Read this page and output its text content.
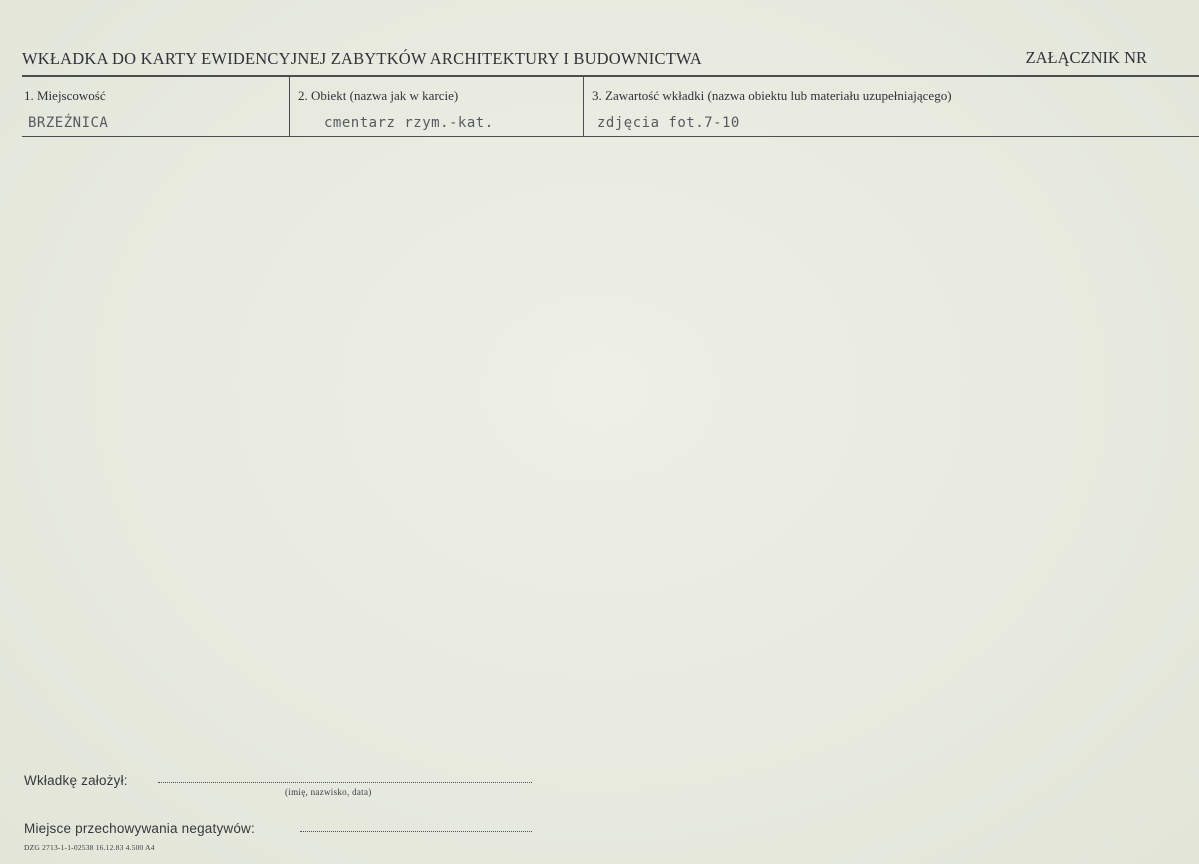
WKŁADKA DO KARTY EWIDENCYJNEJ ZABYTKÓW ARCHITEKTURY I BUDOWNICTWA	ZAŁĄCZNIK NR
1. Miejscowość
BRZEŹNICA
2. Obiekt (nazwa jak w karcie)
cmentarz rzym.-kat.
3. Zawartość wkładki (nazwa obiektu lub materiału uzupełniającego)
zdjęcia fot.7-10
Wkładkę założył:
(imię, nazwisko, data)
Miejsce przechowywania negatywów:
DZG 2713-1-1-02538 16.12.83 4.500 A4
